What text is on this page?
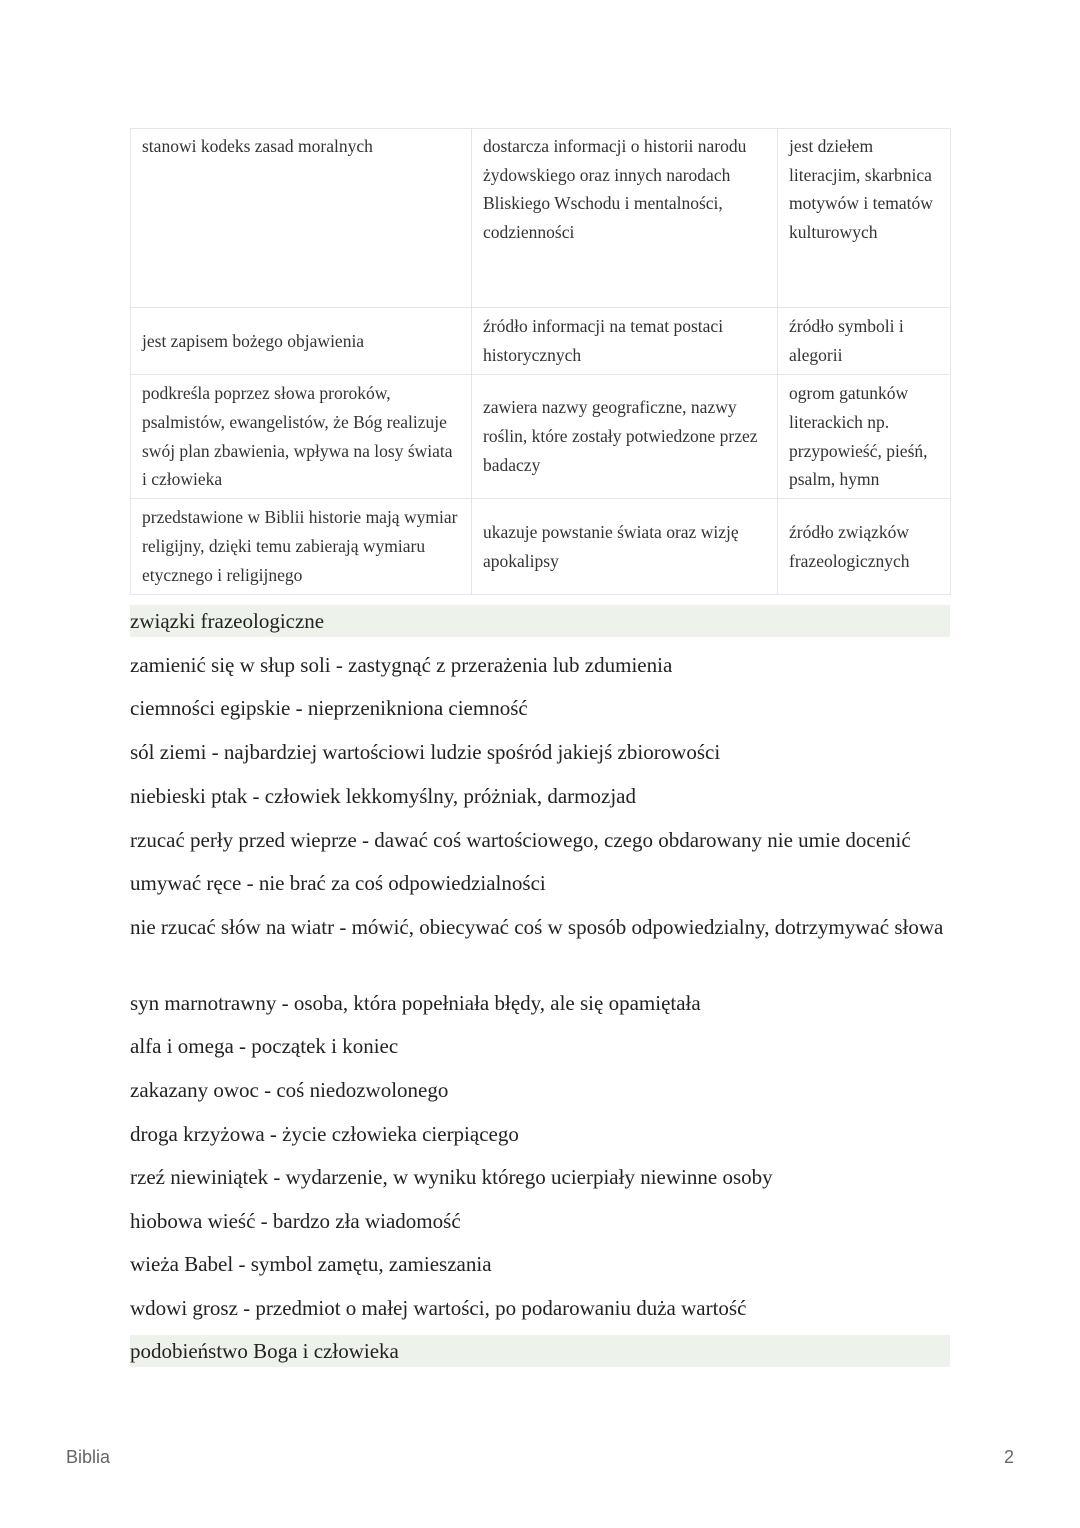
stanowi kodeks zasad moralnych	dostarcza informacji o historii narodu żydowskiego oraz innych narodach Bliskiego Wschodu i mentalności, codzienności	jest dziełem literacjim, skarbnica motywów i tematów kulturowych
jest zapisem bożego objawienia	źródło informacji na temat postaci historycznych	źródło symboli i alegorii
podkreśla poprzez słowa proroków, psalmistów, ewangelistów, że Bóg realizuje swój plan zbawienia, wpływa na losy świata i człowieka	zawiera nazwy geograficzne, nazwy roślin, które zostały potwiedzone przez badaczy	ogrom gatunków literackich np. przypowieść, pieśń, psalm, hymn
przedstawione w Biblii historie mają wymiar religijny, dzięki temu zabierają wymiaru etycznego i religijnego	ukazuje powstanie świata oraz wizję apokalipsy	źródło związków frazeologicznych
związki frazeologiczne
zamienić się w słup soli - zastygnąć z przerażenia lub zdumienia
ciemności egipskie - nieprzenikniona ciemność
sól ziemi - najbardziej wartościowi ludzie spośród jakiejś zbiorowości
niebieski ptak - człowiek lekkomyślny, próżniak, darmozjad
rzucać perły przed wieprze - dawać coś wartościowego, czego obdarowany nie umie docenić
umywać ręce - nie brać za coś odpowiedzialności
nie rzucać słów na wiatr - mówić, obiecywać coś w sposób odpowiedzialny, dotrzymywać słowa
syn marnotrawny - osoba, która popełniała błędy, ale się opamiętała
alfa i omega - początek i koniec
zakazany owoc - coś niedozwolonego
droga krzyżowa - życie człowieka cierpiącego
rzeź niewiniątek - wydarzenie, w wyniku którego ucierpiały niewinne osoby
hiobowa wieść - bardzo zła wiadomość
wieża Babel - symbol zamętu, zamieszania
wdowi grosz - przedmiot o małej wartości, po podarowaniu duża wartość
podobieństwo Boga i człowieka
Biblia	2
